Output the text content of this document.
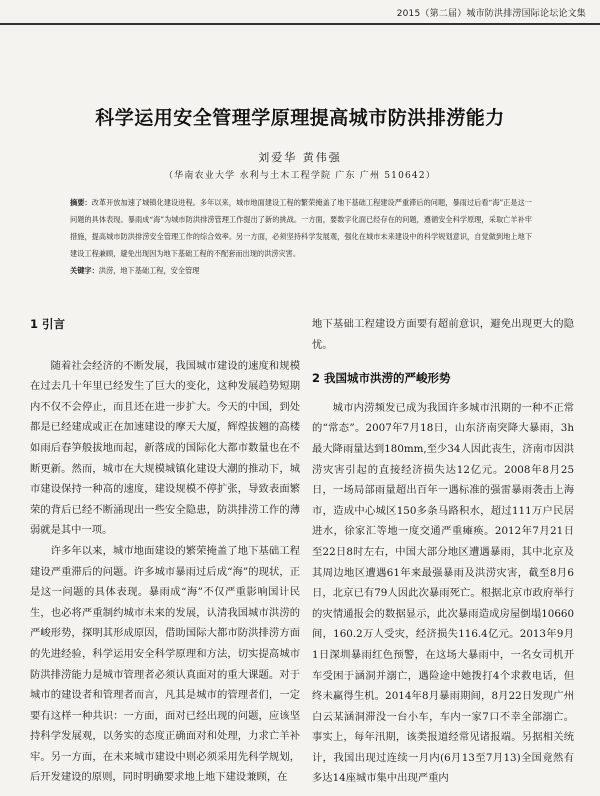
2015（第二届）城市防洪排涝国际论坛论文集
科学运用安全管理学原理提高城市防洪排涝能力
刘爱华 黄伟强
（华南农业大学 水利与土木工程学院 广东 广州 510642）

摘要：改革开放加速了城镇化建设进程。多年以来，城市地面建设工程的繁荣掩盖了地下基础工程建设严重滞后的问题，暴雨过后看“海”正是这一问题的具体表现。暴雨成“海”为城市防洪排涝管理工作提出了新的挑战。一方面，要数字化面已经存在的问题，遵循安全科学原理，采取亡羊补牢措施，提高城市防洪排涝安全管理工作的综合效率。另一方面，必须坚持科学发展观，强化在城市未来建设中的科学规划意识，自觉做到地上地下建设工程兼顾，避免出现因为地下基础工程的不配套而出现的洪涝灾害。

关键字：洪涝，地下基础工程，安全管理

1 引言

随着社会经济的不断发展，我国城市建设的速度和规模在过去几十年里已经发生了巨大的变化，这种发展趋势短期内不仅不会停止，而且还在进一步扩大。今天的中国，到处都是已经建成或正在加速建设的摩天大厦，辉煌拔翘的高楼如雨后春笋般拔地而起，新落成的国际化大都市数量也在不断更新。然而，城市在大规模城镇化建设大潮的推动下，城市建设保持一种高的速度，建设规模不停扩张，导致表面繁荣的背后已经不断涌现出一些安全隐患，防洪排涝工作的薄弱就是其中一项。

许多年以来，城市地面建设的繁荣掩盖了地下基础工程建设严重滞后的问题。许多城市暴雨过后成“海”的现状，正是这一问题的具体表现。暴雨成“海”不仅严重影响国计民生，也必将严重制约城市未来的发展，认清我国城市洪涝的严峻形势，探明其形成原因，借助国际大都市防洪排涝方面的先进经验，科学运用安全科学原理和方法，切实提高城市防洪排涝能力是城市管理者必须认真面对的重大课题。对于城市的建设者和管理者而言，凡其是城市的管理者们，一定要有这样一种共识：一方面，面对已经出现的问题，应该坚持科学发展观，以务实的态度正确面对和处理，力求亡羊补牢。另一方面，在未来城市建设中则必须采用先科学规划，后开发建设的原则，同时明确要求地上地下建设兼顾，在

地下基础工程建设方面要有超前意识，避免出现更大的隐忧。

2 我国城市洪涝的严峻形势

城市内涝频发已成为我国许多城市汛期的一种不正常的“常态”。2007年7月18日，山东济南突降大暴雨，3h最大降雨量达到180mm,至少34人因此丧生，济南市因洪涝灾害引起的直接经济损失达12亿元。2008年8月25日，一场局部雨量超出百年一遇标准的强雷暴雨袭击上海市，造成中心城区150多条马路积水，超过111万户民居进水，徐家汇等地一度交通严重瘫痪。2012年7月21日至22日8时左右，中国大部分地区遭遇暴雨，其中北京及其周边地区遭遇61年来最强暴雨及洪涝灾害，截至8月6日，北京已有79人因此次暴雨死亡。根据北京市政府举行的灾情通报会的数据显示，此次暴雨造成房屋倒塌10660间，160.2万人受灾，经济损失116.4亿元。2013年9月1日深圳暴雨红色预警，在这场大暴雨中，一名女司机开车受困于涵洞并溺亡，遇险途中她拨打4个求救电话，但终未赢得生机。2014年8月暴雨期间，8月22日发现广州白云某涵洞滞没一台小车，车内一家7口不幸全部溺亡。事实上，每年汛期，该类报道经常见诸报端。另据相关统计，我国出现过连续一月内(6月13至7月13)全国竟然有多达14座城市集中出现严重内
